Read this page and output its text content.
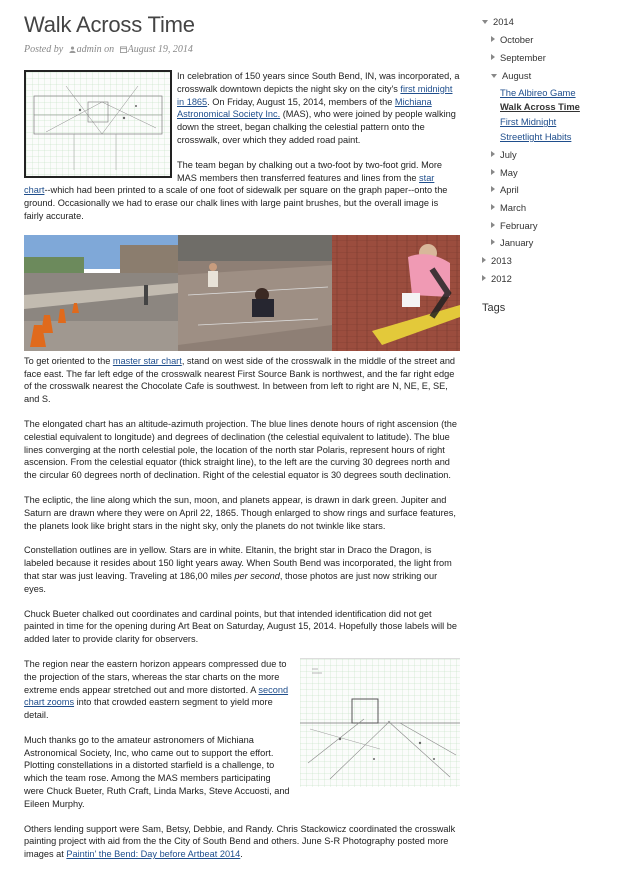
Walk Across Time
Posted by admin on August 19, 2014

In celebration of 150 years since South Bend, IN, was incorporated, a crosswalk downtown depicts the night sky on the city's first midnight in 1865. On Friday, August 15, 2014, members of the Michiana Astronomical Society Inc. (MAS), who were joined by people walking down the street, began chalking the celestial pattern onto the crosswalk, over which they added road paint.

The team began by chalking out a two-foot by two-foot grid. More MAS members then transferred features and lines from the star chart--which had been printed to a scale of one foot of sidewalk per square on the graph paper--onto the ground. Occasionally we had to erase our chalk lines with large paint brushes, but the overall image is fairly accurate.

To get oriented to the master star chart, stand on west side of the crosswalk in the middle of the street and face east. The far left edge of the crosswalk nearest First Source Bank is northwest, and the far right edge of the crosswalk nearest the Chocolate Cafe is southwest. In between from left to right are N, NE, E, SE, and S.

The elongated chart has an altitude-azimuth projection. The blue lines denote hours of right ascension (the celestial equivalent to longitude) and degrees of declination (the celestial equivalent to latitude). The blue lines converging at the north celestial pole, the location of the north star Polaris, represent hours of right ascension. From the celestial equator (thick straight line), to the left are the curving 30 degrees north and the circular 60 degrees north of declination. Right of the celestial equator is 30 degrees south declination.

The ecliptic, the line along which the sun, moon, and planets appear, is drawn in dark green. Jupiter and Saturn are drawn where they were on April 22, 1865. Though enlarged to show rings and surface features, the planets look like bright stars in the night sky, only the planets do not twinkle like stars.

Constellation outlines are in yellow. Stars are in white. Eltanin, the bright star in Draco the Dragon, is labeled because it resides about 150 light years away. When South Bend was incorporated, the light from that star was just leaving. Traveling at 186,00 miles per second, those photos are just now striking our eyes.

Chuck Bueter chalked out coordinates and cardinal points, but that intended identification did not get painted in time for the opening during Art Beat on Saturday, August 15, 2014. Hopefully those labels will be added later to provide clarity for observers.

The region near the eastern horizon appears compressed due to the projection of the stars, whereas the star charts on the more extreme ends appear stretched out and more distorted. A second chart zooms into that crowded eastern segment to yield more detail.

Much thanks go to the amateur astronomers of Michiana Astronomical Society, Inc, who came out to support the effort. Plotting constellations in a distorted starfield is a challenge, to which the team rose. Among the MAS members participating were Chuck Bueter, Ruth Craft, Linda Marks, Steve Accuosti, and Eileen Murphy.

Others lending support were Sam, Betsy, Debbie, and Randy. Chris Stackowicz coordinated the crosswalk painting project with aid from the the City of South Bend and others. June S-R Photography posted more images at Paintin' the Bend: Day before Artbeat 2014.

2014
October
September
August
The Albireo Game
Walk Across Time
First Midnight
Streetlight Habits
July
May
April
March
February
January
2013
2012
Tags
